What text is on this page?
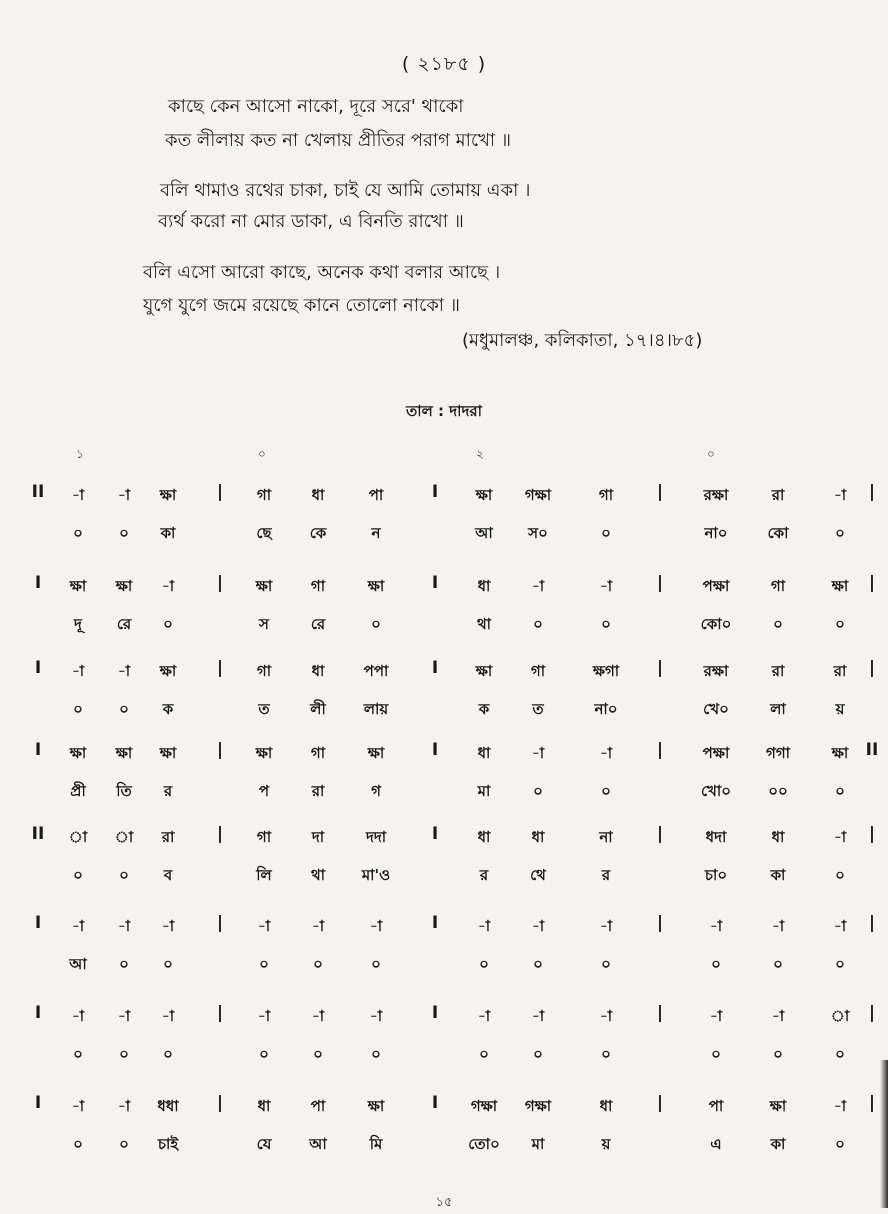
( ২১৮৫ )
কাছে কেন আসো নাকো, দূরে সরে' থাকো
কত লীলায় কত না খেলায় প্রীতির পরাগ মাখো ॥
বলি থামাও রথের চাকা, চাই যে আমি তোমায় একা ।
ব্যর্থ করো না মোর ডাকা, এ বিনতি রাখো ॥
বলি এসো আরো কাছে, অনেক কথা বলার আছে ।
যুগে যুগে জমে রয়েছে কানে তোলো নাকো ॥
(মধুমালঞ্চ, কলিকাতা, ১৭।৪।৮৫)
তাল : দাদরা
১	০	২	০
-া	-া	ক্ষা	গা	ধা	পা	ক্ষা	গক্ষা	গা	রক্ষা	রা	-া
০	০	কা	ছে	কে	ন	আ	স০	০	না০	কো	০
II	|	I	|	|
ক্ষা	ক্ষা	-া	ক্ষা	গা	ক্ষা	ধা	-া	-া	পক্ষা	গা	ক্ষা
দূ	রে	০	স	রে	০	থা	০	০	কো০	০	০
I	|	I	|	|
-া	-া	ক্ষা	গা	ধা	পপা	ক্ষা	গা	ক্ষগা	রক্ষা	রা	রা
০	০	ক	ত	লী	লায়	ক	ত	না০	খে০	লা	য়
I	|	I	|	|
ক্ষা	ক্ষা	ক্ষা	ক্ষা	গা	ক্ষা	ধা	-া	-া	পক্ষা	গগা	ক্ষা
প্রী	তি	র	প	রা	গ	মা	০	০	খো০	০০	০
I	|	I	|	II
া	া	রা	গা	দা	দদা	ধা	ধা	না	ধদা	ধা	-া
০	০	ব	লি	থা	মা'ও	র	থে	র	চা০	কা	০
II	|	I	|	|
-া	-া	-া	-া	-া	-া	-া	-া	-া	-া	-া	-া
আ	০	০	০	০	০	০	০	০	০	০	০
I	|	I	|	|
-া	-া	-া	-া	-া	-া	-া	-া	-া	-া	-া	া
০	০	০	০	০	০	০	০	০	০	০	০
I	|	I	|	|
-া	-া	ধধা	ধা	পা	ক্ষা	গক্ষা	গক্ষা	ধা	পা	ক্ষা	-া
০	০	চাই	যে	আ	মি	তো০	মা	য়	এ	কা	০
I	|	I	|	|
১৫
